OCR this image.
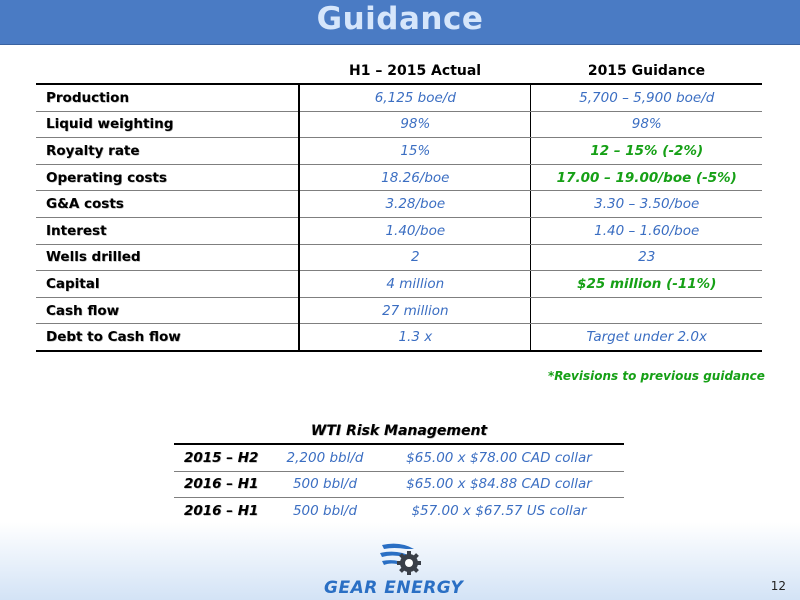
Guidance
	H1 – 2015 Actual	2015 Guidance
Production	6,125 boe/d	5,700 – 5,900 boe/d
Liquid weighting	98%	98%
Royalty rate	15%	12 – 15% (-2%)
Operating costs	18.26/boe	17.00 – 19.00/boe (-5%)
G&A costs	3.28/boe	3.30 – 3.50/boe
Interest	1.40/boe	1.40 – 1.60/boe
Wells drilled	2	23
Capital	4 million	$25 million (-11%)
Cash flow	27 million	
Debt to Cash flow	1.3 x	Target under 2.0x
*Revisions to previous guidance
WTI Risk Management
2015 – H2	2,200 bbl/d	$65.00 x $78.00 CAD collar
2016 – H1	500 bbl/d	$65.00 x $84.88 CAD collar
2016 – H1	500 bbl/d	$57.00 x $67.57 US collar
GEAR ENERGY	12
